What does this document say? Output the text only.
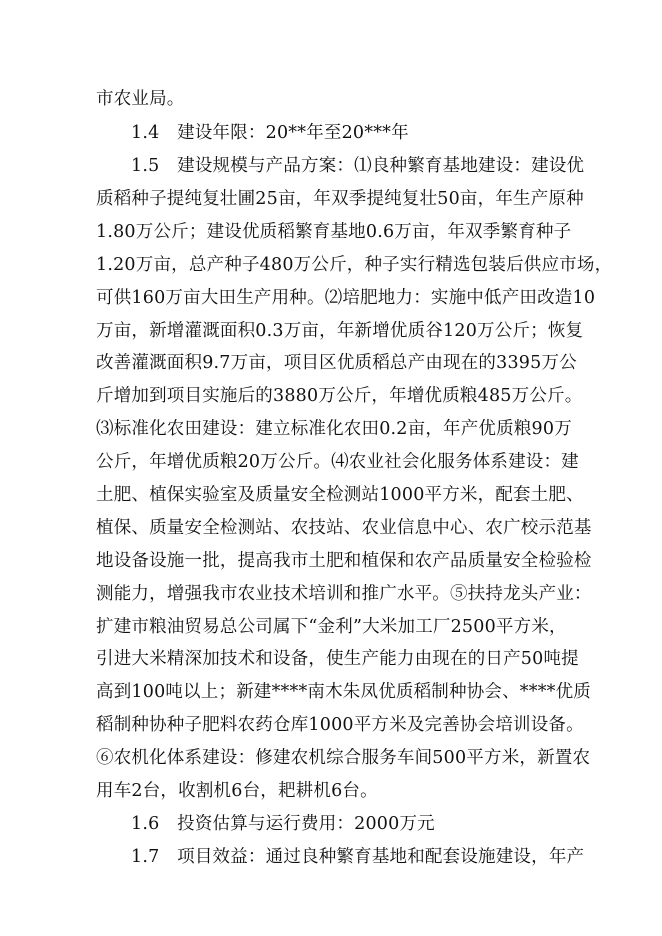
市农业局。
1.4　建设年限：20**年至20***年
1.5　建设规模与产品方案：⑴良种繁育基地建设：建设优
质稻种子提纯复壮圃25亩，年双季提纯复壮50亩，年生产原种
1.80万公斤；建设优质稻繁育基地0.6万亩，年双季繁育种子
1.20万亩，总产种子480万公斤，种子实行精选包装后供应市场，
可供160万亩大田生产用种。⑵培肥地力：实施中低产田改造10
万亩，新增灌溉面积0.3万亩，年新增优质谷120万公斤；恢复
改善灌溉面积9.7万亩，项目区优质稻总产由现在的3395万公
斤增加到项目实施后的3880万公斤，年增优质粮485万公斤。
⑶标准化农田建设：建立标准化农田0.2亩，年产优质粮90万
公斤，年增优质粮20万公斤。⑷农业社会化服务体系建设：建
土肥、植保实验室及质量安全检测站1000平方米，配套土肥、
植保、质量安全检测站、农技站、农业信息中心、农广校示范基
地设备设施一批，提高我市土肥和植保和农产品质量安全检验检
测能力，增强我市农业技术培训和推广水平。⑤扶持龙头产业：
扩建市粮油贸易总公司属下“金利”大米加工厂2500平方米，
引进大米精深加技术和设备，使生产能力由现在的日产50吨提
高到100吨以上；新建****南木朱凤优质稻制种协会、****优质
稻制种协种子肥料农药仓库1000平方米及完善协会培训设备。
⑥农机化体系建设：修建农机综合服务车间500平方米，新置农
用车2台，收割机6台，耙耕机6台。
1.6　投资估算与运行费用：2000万元
1.7　项目效益：通过良种繁育基地和配套设施建设，年产
